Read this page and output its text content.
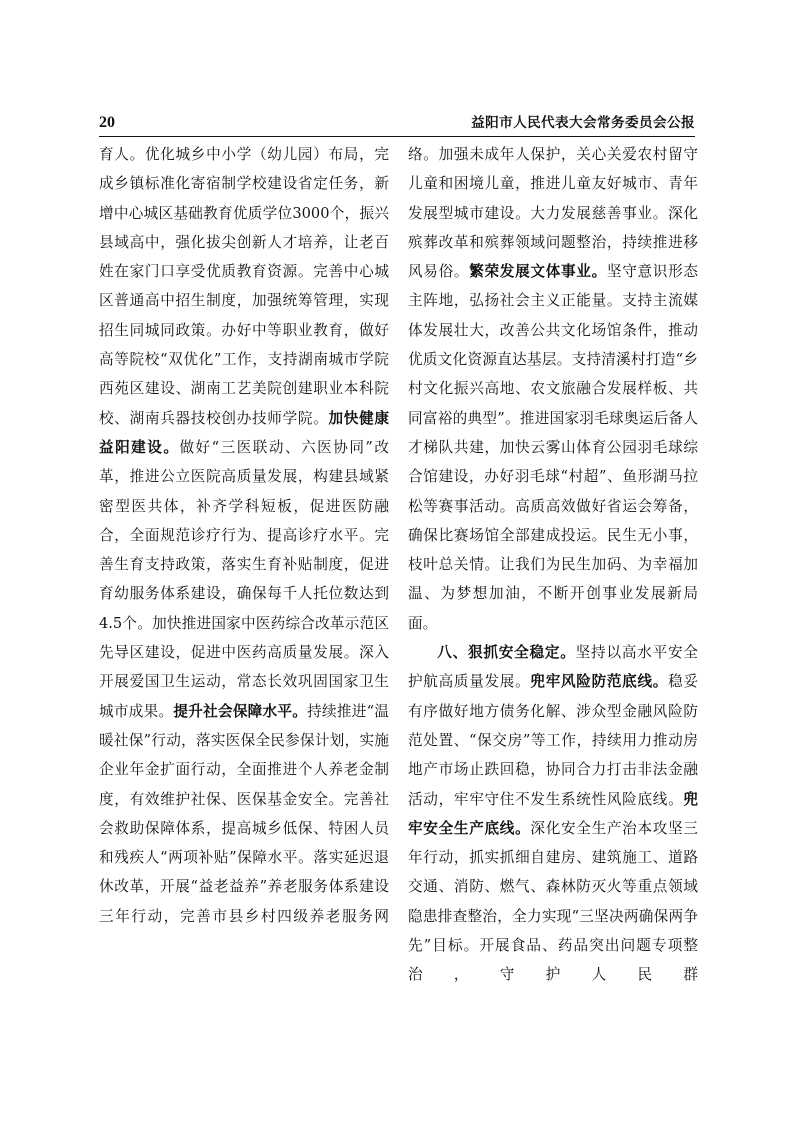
20	益阳市人民代表大会常务委员会公报

育人。优化城乡中小学（幼儿园）布局，完成乡镇标准化寄宿制学校建设省定任务，新增中心城区基础教育优质学位3000个，振兴县域高中，强化拔尖创新人才培养，让老百姓在家门口享受优质教育资源。完善中心城区普通高中招生制度，加强统筹管理，实现招生同城同政策。办好中等职业教育，做好高等院校“双优化”工作，支持湖南城市学院西苑区建设、湖南工艺美院创建职业本科院校、湖南兵器技校创办技师学院。加快健康益阳建设。做好“三医联动、六医协同”改革，推进公立医院高质量发展，构建县域紧密型医共体，补齐学科短板，促进医防融合，全面规范诊疗行为、提高诊疗水平。完善生育支持政策，落实生育补贴制度，促进育幼服务体系建设，确保每千人托位数达到4.5个。加快推进国家中医药综合改革示范区先导区建设，促进中医药高质量发展。深入开展爱国卫生运动，常态长效巩固国家卫生城市成果。提升社会保障水平。持续推进“温暖社保”行动，落实医保全民参保计划，实施企业年金扩面行动，全面推进个人养老金制度，有效维护社保、医保基金安全。完善社会救助保障体系，提高城乡低保、特困人员和残疾人“两项补贴”保障水平。落实延迟退休改革，开展“益老益养”养老服务体系建设三年行动，完善市县乡村四级养老服务网

络。加强未成年人保护，关心关爱农村留守儿童和困境儿童，推进儿童友好城市、青年发展型城市建设。大力发展慈善事业。深化殡葬改革和殡葬领域问题整治，持续推进移风易俗。繁荣发展文体事业。坚守意识形态主阵地，弘扬社会主义正能量。支持主流媒体发展壮大，改善公共文化场馆条件，推动优质文化资源直达基层。支持清溪村打造“乡村文化振兴高地、农文旅融合发展样板、共同富裕的典型”。推进国家羽毛球奥运后备人才梯队共建，加快云雾山体育公园羽毛球综合馆建设，办好羽毛球“村超”、鱼形湖马拉松等赛事活动。高质高效做好省运会筹备，确保比赛场馆全部建成投运。民生无小事，枝叶总关情。让我们为民生加码、为幸福加温、为梦想加油，不断开创事业发展新局面。

八、狠抓安全稳定。坚持以高水平安全护航高质量发展。兜牢风险防范底线。稳妥有序做好地方债务化解、涉众型金融风险防范处置、“保交房”等工作，持续用力推动房地产市场止跌回稳，协同合力打击非法金融活动，牢牢守住不发生系统性风险底线。兜牢安全生产底线。深化安全生产治本攻坚三年行动，抓实抓细自建房、建筑施工、道路交通、消防、燃气、森林防灭火等重点领域隐患排查整治，全力实现“三坚决两确保两争先”目标。开展食品、药品突出问题专项整治，守护人民群
